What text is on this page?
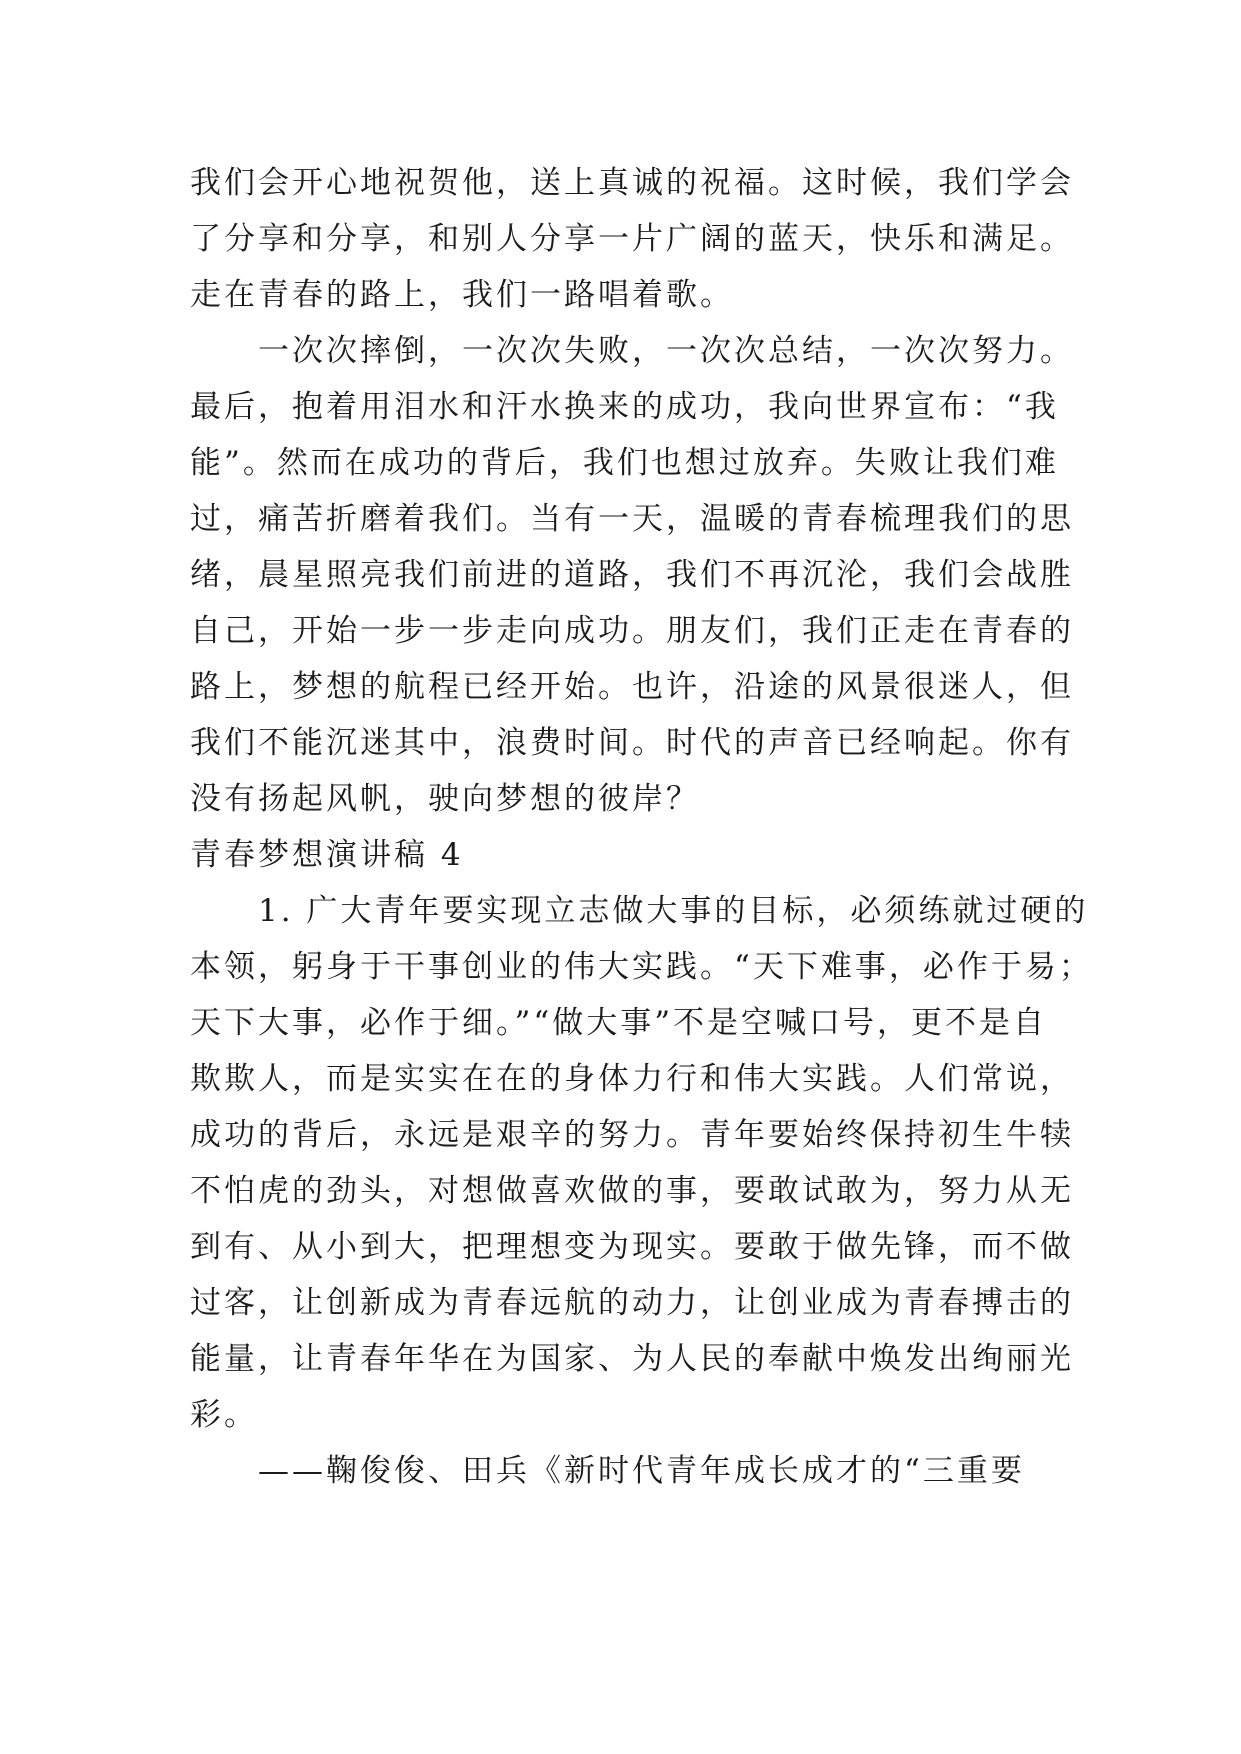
我们会开心地祝贺他，送上真诚的祝福。这时候，我们学会
了分享和分享，和别人分享一片广阔的蓝天，快乐和满足。
走在青春的路上，我们一路唱着歌。
一次次摔倒，一次次失败，一次次总结，一次次努力。
最后，抱着用泪水和汗水换来的成功，我向世界宣布：“我
能”。然而在成功的背后，我们也想过放弃。失败让我们难
过，痛苦折磨着我们。当有一天，温暖的青春梳理我们的思
绪，晨星照亮我们前进的道路，我们不再沉沦，我们会战胜
自己，开始一步一步走向成功。朋友们，我们正走在青春的
路上，梦想的航程已经开始。也许，沿途的风景很迷人，但
我们不能沉迷其中，浪费时间。时代的声音已经响起。你有
没有扬起风帆，驶向梦想的彼岸？
青春梦想演讲稿 4
1. 广大青年要实现立志做大事的目标，必须练就过硬的
本领，躬身于干事创业的伟大实践。“天下难事，必作于易；
天下大事，必作于细。”“做大事”不是空喊口号，更不是自
欺欺人，而是实实在在的身体力行和伟大实践。人们常说，
成功的背后，永远是艰辛的努力。青年要始终保持初生牛犊
不怕虎的劲头，对想做喜欢做的事，要敢试敢为，努力从无
到有、从小到大，把理想变为现实。要敢于做先锋，而不做
过客，让创新成为青春远航的动力，让创业成为青春搏击的
能量，让青春年华在为国家、为人民的奉献中焕发出绚丽光
彩。
——鞠俊俊、田兵《新时代青年成长成才的“三重要
